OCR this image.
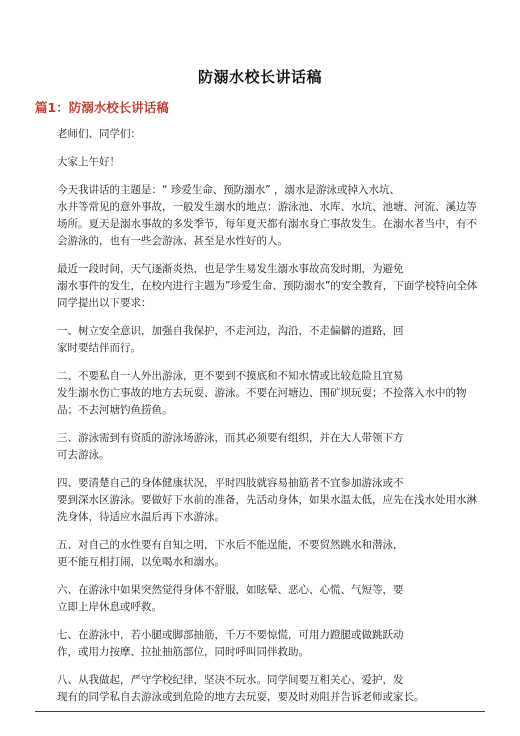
防溺水校长讲话稿
篇1：防溺水校长讲话稿

老师们、同学们：

大家上午好！

今天我讲话的主题是：“ 珍爱生命、预防溺水” ，溺水是游泳或掉入水坑、
水井等常见的意外事故，一般发生溺水的地点：游泳池、水库、水坑、池塘、河流、溪边等场所。夏天是溺水事故的多发季节，每年夏天都有溺水身亡事故发生。在溺水者当中，有不会游泳的，也有一些会游泳、甚至是水性好的人。

最近一段时间，天气逐渐炎热，也是学生易发生溺水事故高发时期，为避免
溺水事件的发生，在校内进行主题为”珍爱生命、预防溺水”的安全教育，下面学校特向全体同学提出以下要求：

一、树立安全意识，加强自我保护，不走河边，沟沿，不走偏僻的道路，回
家时要结伴而行。

二、不要私自一人外出游泳，更不要到不摸底和不知水情或比较危险且宜易
发生溺水伤亡事故的地方去玩耍、游泳。不要在河塘边、围矿坝玩耍；不捡落入水中的物品；不去河塘钓鱼捞鱼。

三、游泳需到有资质的游泳场游泳，而其必须要有组织，并在大人带领下方
可去游泳。

四、要清楚自己的身体健康状况，平时四肢就容易抽筋者不宜参加游泳或不
要到深水区游泳。要做好下水前的准备，先活动身体，如果水温太低，应先在浅水处用水淋洗身体，待适应水温后再下水游泳。

五、对自己的水性要有自知之明，下水后不能逞能，不要贸然跳水和潜泳，
更不能互相打闹，以免喝水和溺水。

六、在游泳中如果突然觉得身体不舒服，如眩晕、恶心、心慌、气短等，要
立即上岸休息或呼救。

七、在游泳中，若小腿或脚部抽筋，千万不要惊慌，可用力蹬腿或做跳跃动
作，或用力按摩、拉扯抽筋部位，同时呼叫同伴救助。

八、从我做起，严守学校纪律，坚决不玩水。同学间要互相关心、爱护，发
现有的同学私自去游泳或到危险的地方去玩耍，要及时劝阻并告诉老师或家长。
